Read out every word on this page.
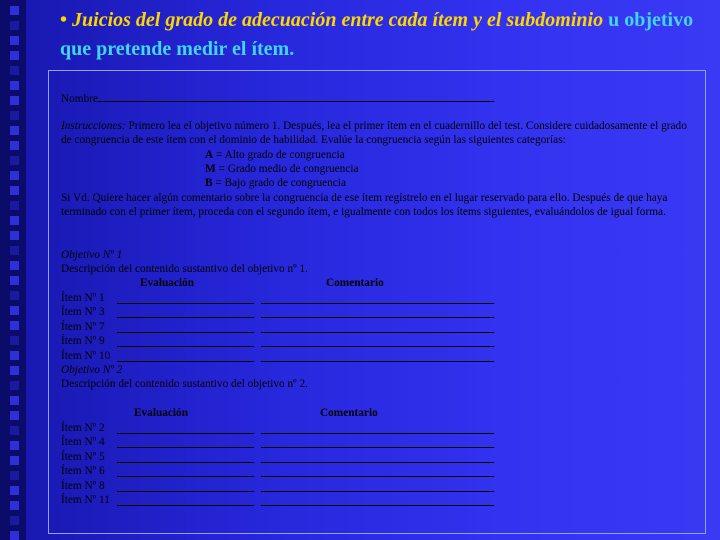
• Juicios del grado de adecuación entre cada ítem y el subdominio u objetivo que pretende medir el ítem.
Nombre
Instrucciones: Primero lea el objetivo número 1. Después, lea el primer ítem en el cuadernillo del test. Considere cuidadosamente el grado de congruencia de este ítem con el dominio de habilidad. Evalúe la congruencia según las siguientes categorías:
A = Alto grado de congruencia
M = Grado medio de congruencia
B = Bajo grado de congruencia
Si Vd. Quiere hacer algún comentario sobre la congruencia de ese ítem regístrelo en el lugar reservado para ello. Después de que haya terminado con el primer ítem, proceda con el segundo ítem, e igualmente con todos los ítems siguientes, evaluándolos de igual forma.
Objetivo Nº 1
Descripción del contenido sustantivo del objetivo nº 1.
Evaluación	Comentario
Ítem Nº 1
Ítem Nº 3
Ítem Nº 7
Ítem Nº 9
Ítem Nº 10
Objetivo Nº 2
Descripción del contenido sustantivo del objetivo nº 2.
Evaluación	Comentario
Ítem Nº 2
Ítem Nº 4
Ítem Nº 5
Ítem Nº 6
Ítem Nº 8
Ítem Nº 11
